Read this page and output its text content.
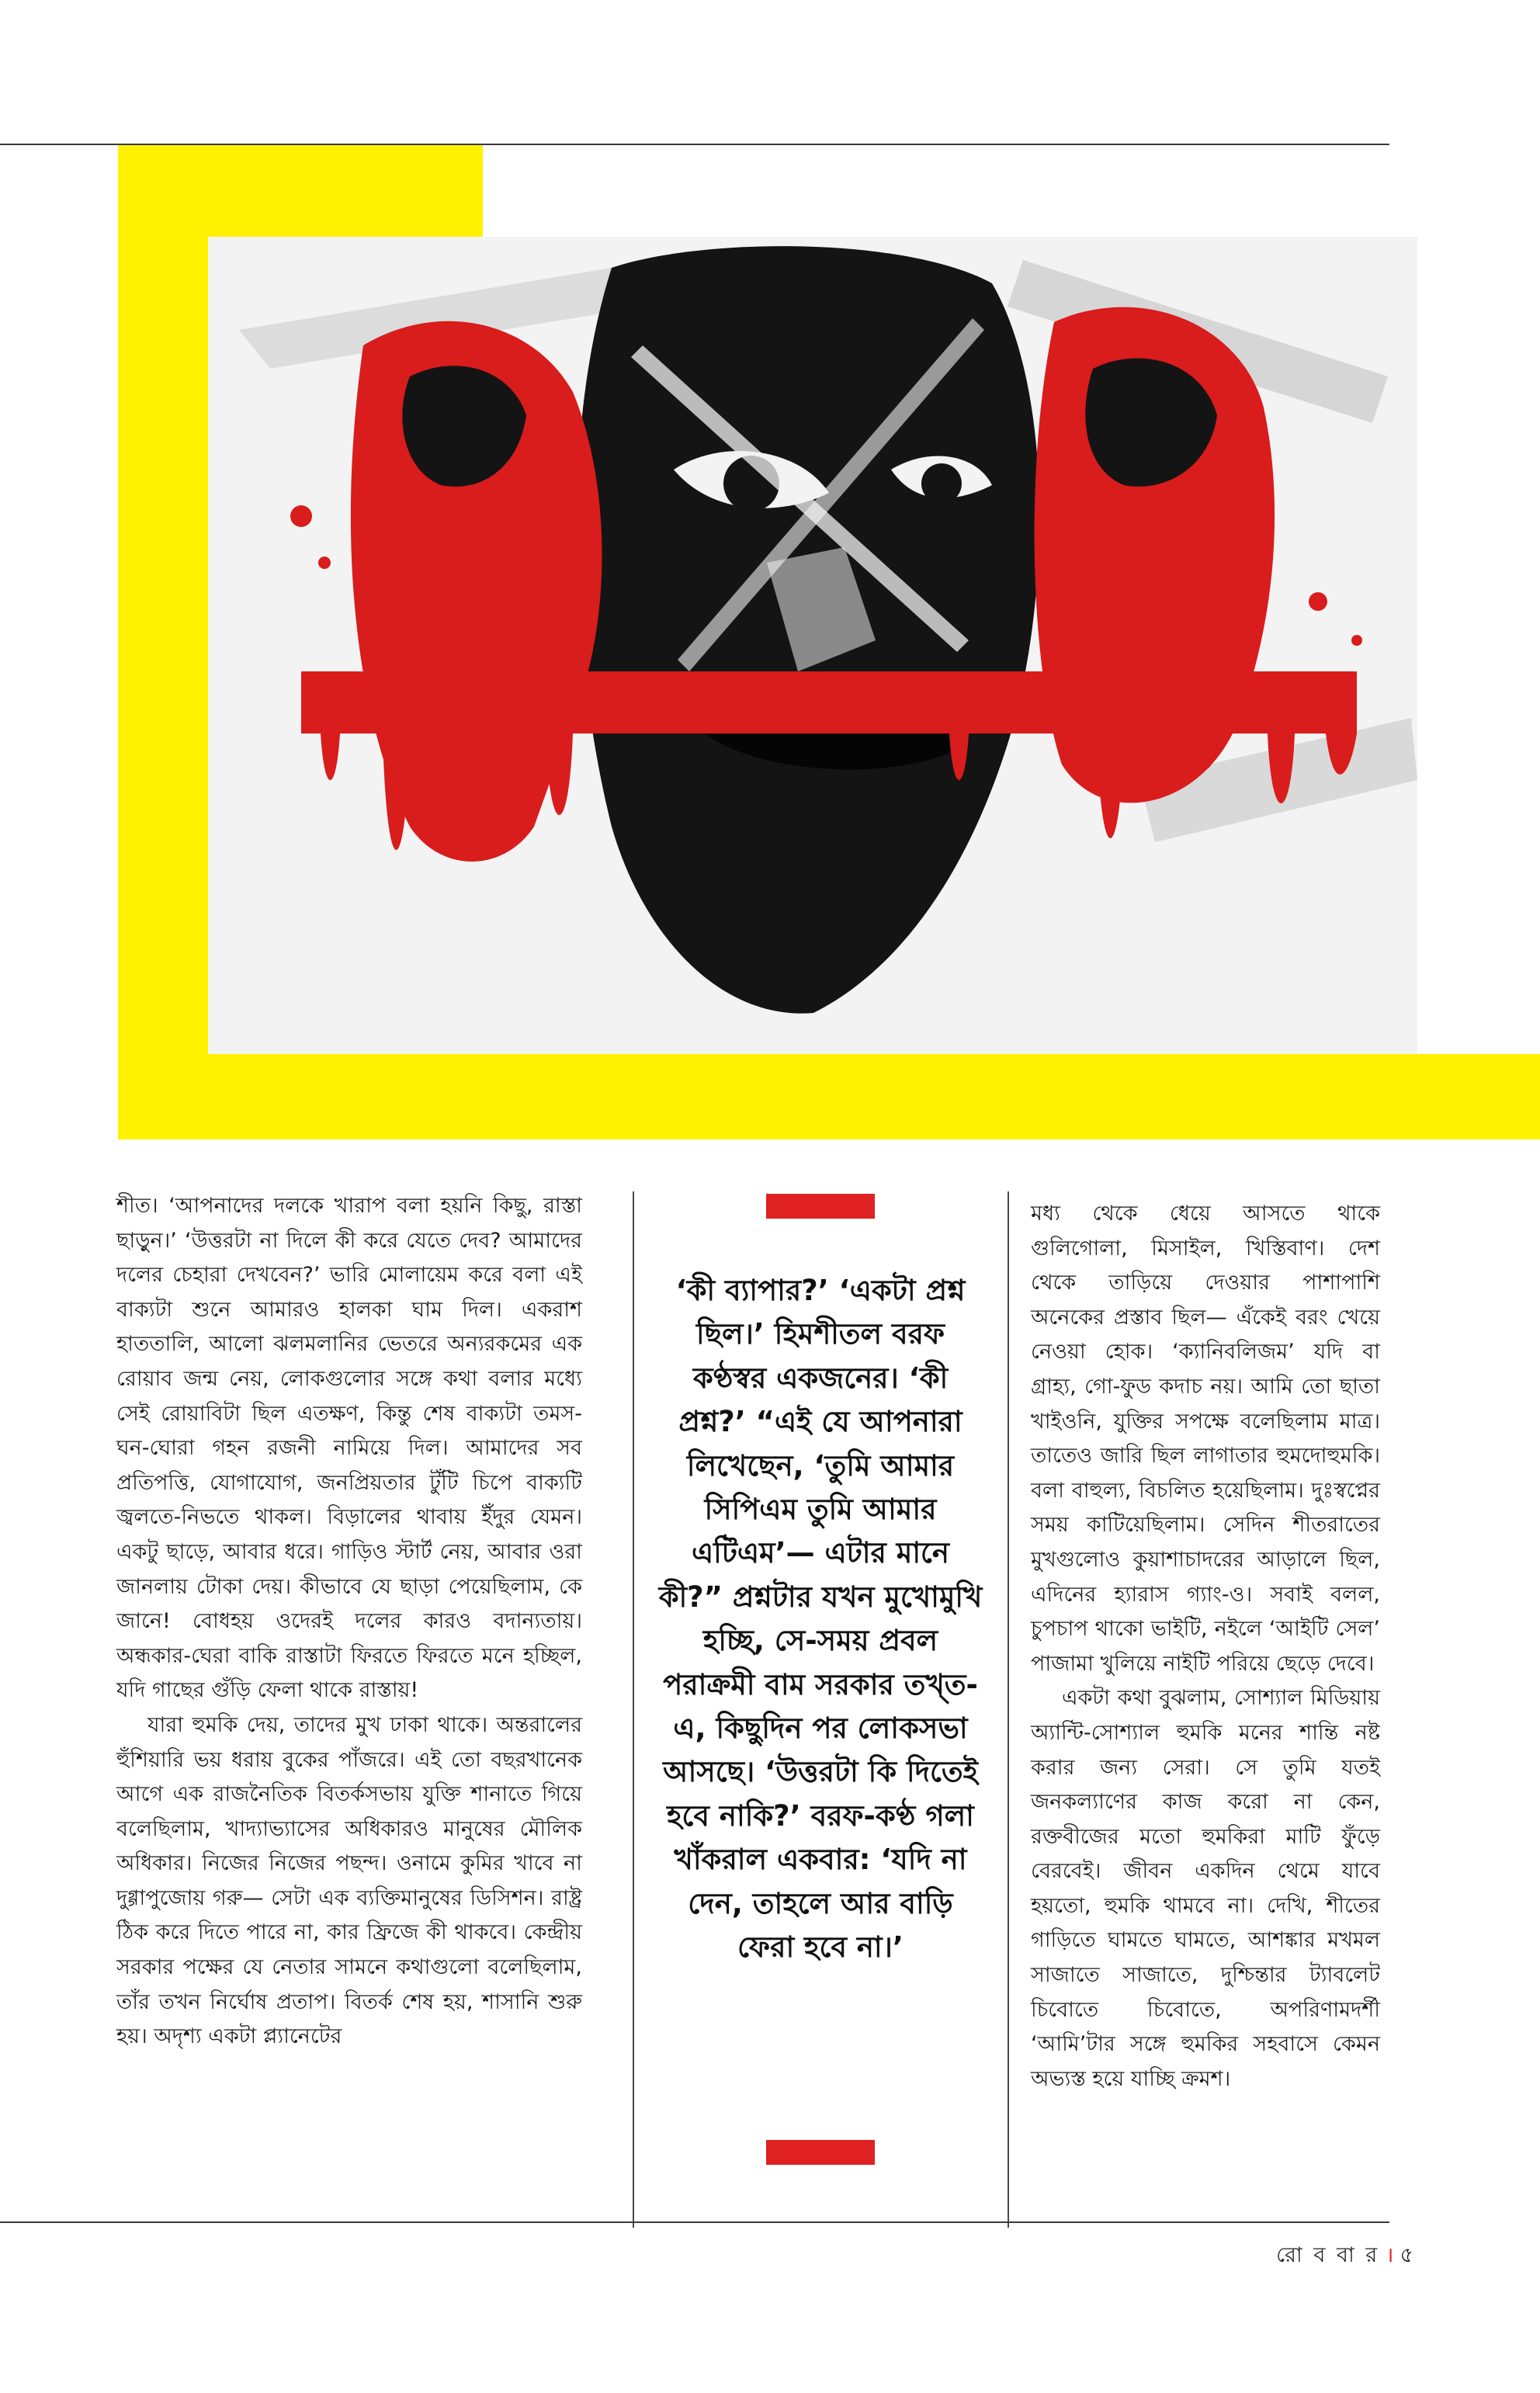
শীত। ‘আপনাদের দলকে খারাপ বলা হয়নি কিছু, রাস্তা ছাড়ুন।’ ‘উত্তরটা না দিলে কী করে যেতে দেব? আমাদের দলের চেহারা দেখবেন?’ ভারি মোলায়েম করে বলা এই বাক্যটা শুনে আমারও হালকা ঘাম দিল। একরাশ হাততালি, আলো ঝলমলানির ভেতরে অন্যরকমের এক রোয়াব জন্ম নেয়, লোকগুলোর সঙ্গে কথা বলার মধ্যে সেই রোয়াবিটা ছিল এতক্ষণ, কিন্তু শেষ বাক্যটা তমস-ঘন-ঘোরা গহন রজনী নামিয়ে দিল। আমাদের সব প্রতিপত্তি, যোগাযোগ, জনপ্রিয়তার টুঁটি চিপে বাক্যটি জ্বলতে-নিভতে থাকল। বিড়ালের থাবায় ইঁদুর যেমন। একটু ছাড়ে, আবার ধরে। গাড়িও স্টার্ট নেয়, আবার ওরা জানলায় টোকা দেয়। কীভাবে যে ছাড়া পেয়েছিলাম, কে জানে! বোধহয় ওদেরই দলের কারও বদান্যতায়। অন্ধকার-ঘেরা বাকি রাস্তাটা ফিরতে ফিরতে মনে হচ্ছিল, যদি গাছের গুঁড়ি ফেলা থাকে রাস্তায়!

যারা হুমকি দেয়, তাদের মুখ ঢাকা থাকে। অন্তরালের হুঁশিয়ারি ভয় ধরায় বুকের পাঁজরে। এই তো বছরখানেক আগে এক রাজনৈতিক বিতর্কসভায় যুক্তি শানাতে গিয়ে বলেছিলাম, খাদ্যাভ্যাসের অধিকারও মানুষের মৌলিক অধিকার। নিজের নিজের পছন্দ। ওনামে কুমির খাবে না দুগ্গাপুজোয় গরু— সেটা এক ব্যক্তিমানুষের ডিসিশন। রাষ্ট্র ঠিক করে দিতে পারে না, কার ফ্রিজে কী থাকবে। কেন্দ্রীয় সরকার পক্ষের যে নেতার সামনে কথাগুলো বলেছিলাম, তাঁর তখন নির্ঘোষ প্রতাপ। বিতর্ক শেষ হয়, শাসানি শুরু হয়। অদৃশ্য একটা প্ল্যানেটের

‘কী ব্যাপার?’ ‘একটা প্রশ্ন ছিল।’ হিমশীতল বরফ কণ্ঠস্বর একজনের। ‘কী প্রশ্ন?’ “এই যে আপনারা লিখেছেন, ‘তুমি আমার সিপিএম তুমি আমার এটিএম’— এটার মানে কী?” প্রশ্নটার যখন মুখোমুখি হচ্ছি, সে-সময় প্রবল পরাক্রমী বাম সরকার তখ্‌ত-এ, কিছুদিন পর লোকসভা আসছে। ‘উত্তরটা কি দিতেই হবে নাকি?’ বরফ-কণ্ঠ গলা খাঁকরাল একবার: ‘যদি না দেন, তাহলে আর বাড়ি ফেরা হবে না।’

মধ্য থেকে ধেয়ে আসতে থাকে গুলিগোলা, মিসাইল, খিস্তিবাণ। দেশ থেকে তাড়িয়ে দেওয়ার পাশাপাশি অনেকের প্রস্তাব ছিল— এঁকেই বরং খেয়ে নেওয়া হোক। ‘ক্যানিবলিজম’ যদি বা গ্রাহ্য, গো-ফুড কদাচ নয়। আমি তো ছাতা খাইওনি, যুক্তির সপক্ষে বলেছিলাম মাত্র। তাতেও জারি ছিল লাগাতার হুমদোহুমকি। বলা বাহুল্য, বিচলিত হয়েছিলাম। দুঃস্বপ্নের সময় কাটিয়েছিলাম। সেদিন শীতরাতের মুখগুলোও কুয়াশাচাদরের আড়ালে ছিল, এদিনের হ্যারাস গ্যাং-ও। সবাই বলল, চুপচাপ থাকো ভাইটি, নইলে ‘আইটি সেল’ পাজামা খুলিয়ে নাইটি পরিয়ে ছেড়ে দেবে।

একটা কথা বুঝলাম, সোশ্যাল মিডিয়ায় অ্যান্টি-সোশ্যাল হুমকি মনের শান্তি নষ্ট করার জন্য সেরা। সে তুমি যতই জনকল্যাণের কাজ করো না কেন, রক্তবীজের মতো হুমকিরা মাটি ফুঁড়ে বেরবেই। জীবন একদিন থেমে যাবে হয়তো, হুমকি থামবে না। দেখি, শীতের গাড়িতে ঘামতে ঘামতে, আশঙ্কার মখমল সাজাতে সাজাতে, দুশ্চিন্তার ট্যাবলেট চিবোতে চিবোতে, অপরিণামদর্শী ‘আমি’টার সঙ্গে হুমকির সহবাসে কেমন অভ্যস্ত হয়ে যাচ্ছি ক্রমশ।

রো ব বা র । ৫
